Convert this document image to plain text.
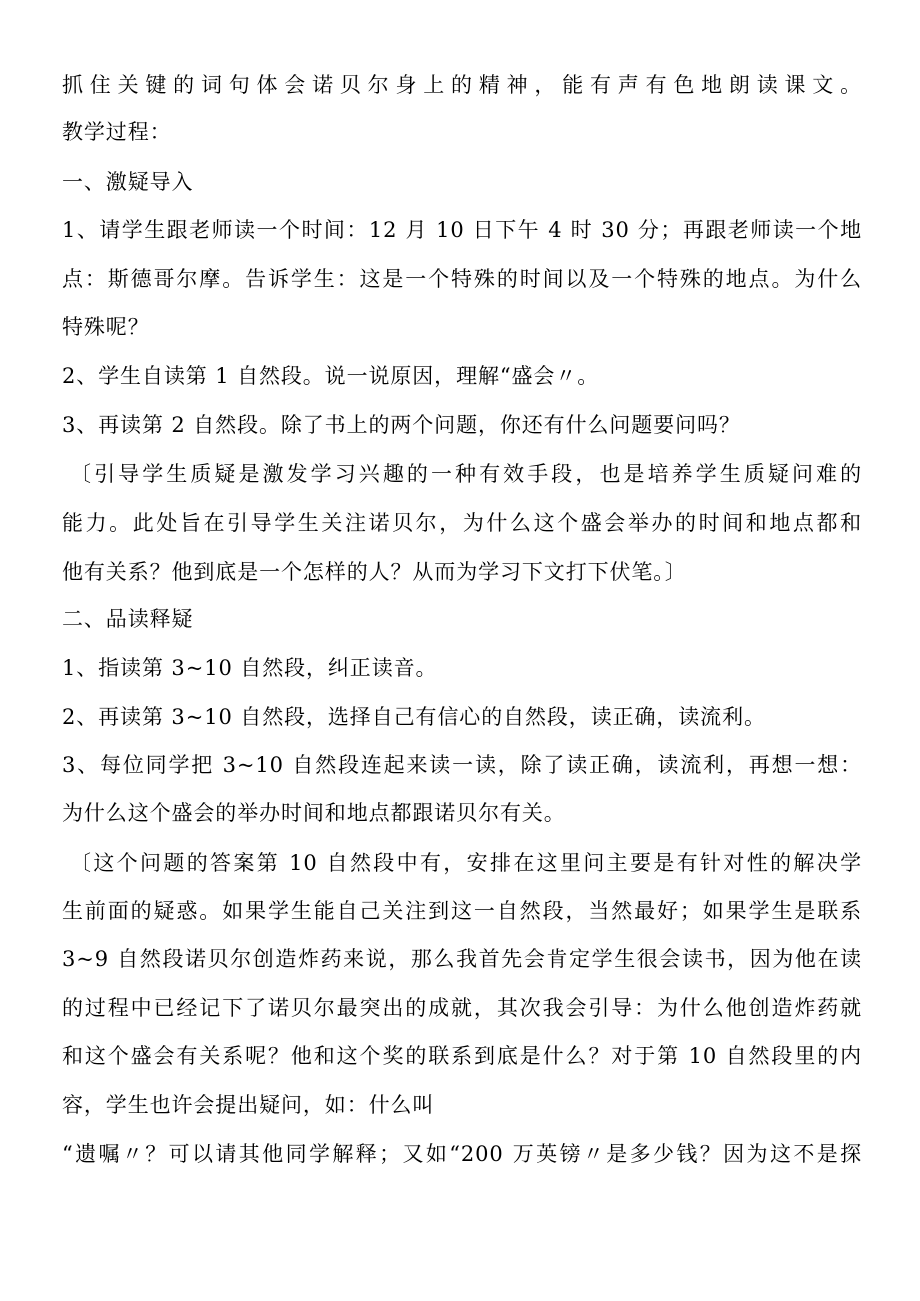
抓住关键的词句体会诺贝尔身上的精神，能有声有色地朗读课文。
教学过程：
一、激疑导入
1、请学生跟老师读一个时间：12 月 10 日下午 4 时 30 分；再跟老师读一个地
点：斯德哥尔摩。告诉学生：这是一个特殊的时间以及一个特殊的地点。为什么
特殊呢？
2、学生自读第 1 自然段。说一说原因，理解“盛会〃。
3、再读第 2 自然段。除了书上的两个问题，你还有什么问题要问吗？
〔引导学生质疑是激发学习兴趣的一种有效手段，也是培养学生质疑问难的
能力。此处旨在引导学生关注诺贝尔，为什么这个盛会举办的时间和地点都和
他有关系？他到底是一个怎样的人？从而为学习下文打下伏笔。〕
二、品读释疑
1、指读第 3~10 自然段，纠正读音。
2、再读第 3~10 自然段，选择自己有信心的自然段，读正确，读流利。
3、每位同学把 3~10 自然段连起来读一读，除了读正确，读流利，再想一想：
为什么这个盛会的举办时间和地点都跟诺贝尔有关。
〔这个问题的答案第 10 自然段中有，安排在这里问主要是有针对性的解决学
生前面的疑惑。如果学生能自己关注到这一自然段，当然最好；如果学生是联系
3~9 自然段诺贝尔创造炸药来说，那么我首先会肯定学生很会读书，因为他在读
的过程中已经记下了诺贝尔最突出的成就，其次我会引导：为什么他创造炸药就
和这个盛会有关系呢？他和这个奖的联系到底是什么？对于第 10 自然段里的内
容，学生也许会提出疑问，如：什么叫
“遗嘱〃？可以请其他同学解释；又如“200 万英镑〃是多少钱？因为这不是探
